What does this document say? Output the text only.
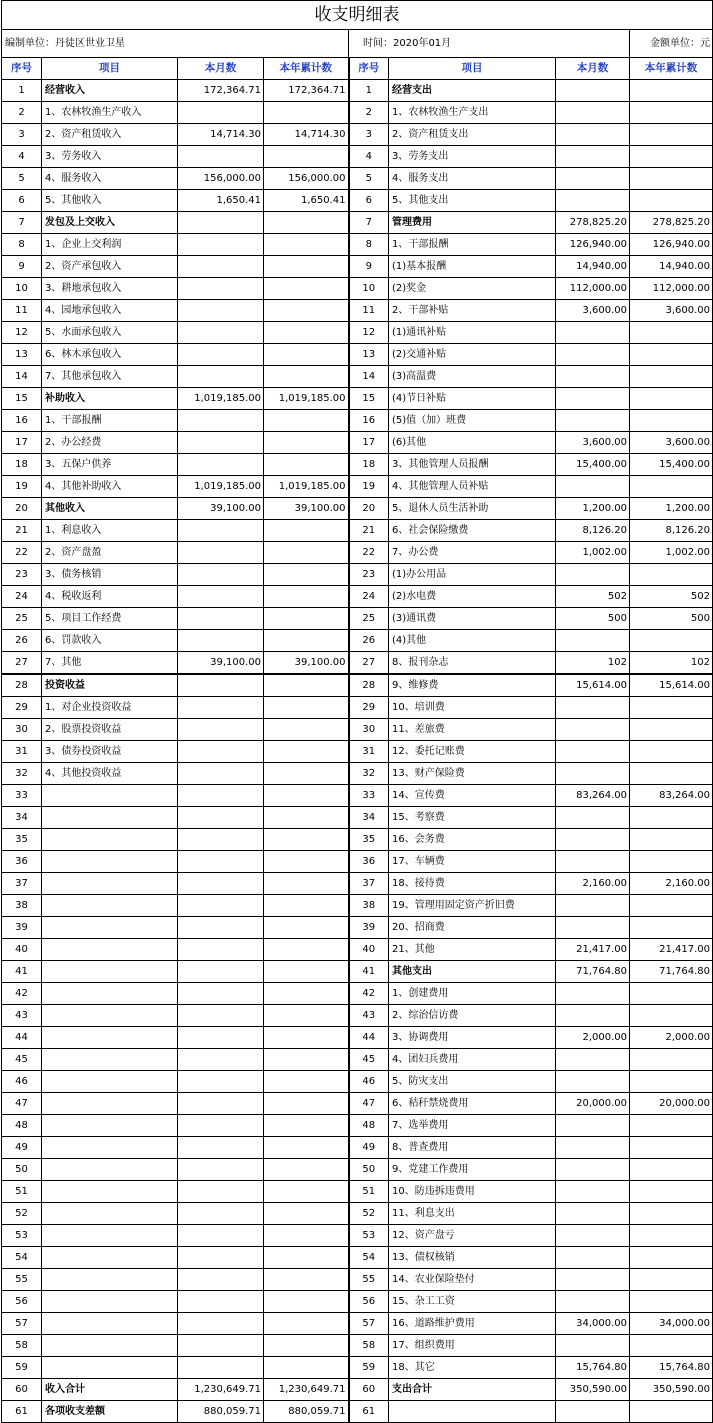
收支明细表							
编制单位：丹徒区世业卫星				时间：2020年01月			金额单位：元
序号	项目	本月数	本年累计数	序号	项目	本月数	本年累计数
1	经营收入	172,364.71	172,364.71	1	经营支出		
2	1、农林牧渔生产收入			2	1、农林牧渔生产支出		
3	2、资产租赁收入	14,714.30	14,714.30	3	2、资产租赁支出		
4	3、劳务收入			4	3、劳务支出		
5	4、服务收入	156,000.00	156,000.00	5	4、服务支出		
6	5、其他收入	1,650.41	1,650.41	6	5、其他支出		
7	发包及上交收入			7	管理费用	278,825.20	278,825.20
8	1、企业上交利润			8	1、干部报酬	126,940.00	126,940.00
9	2、资产承包收入			9	(1)基本报酬	14,940.00	14,940.00
10	3、耕地承包收入			10	(2)奖金	112,000.00	112,000.00
11	4、园地承包收入			11	2、干部补贴	3,600.00	3,600.00
12	5、水面承包收入			12	(1)通讯补贴		
13	6、林木承包收入			13	(2)交通补贴		
14	7、其他承包收入			14	(3)高温费		
15	补助收入	1,019,185.00	1,019,185.00	15	(4)节日补贴		
16	1、干部报酬			16	(5)值（加）班费		
17	2、办公经费			17	(6)其他	3,600.00	3,600.00
18	3、五保户供养			18	3、其他管理人员报酬	15,400.00	15,400.00
19	4、其他补助收入	1,019,185.00	1,019,185.00	19	4、其他管理人员补贴		
20	其他收入	39,100.00	39,100.00	20	5、退休人员生活补助	1,200.00	1,200.00
21	1、利息收入			21	6、社会保险缴费	8,126.20	8,126.20
22	2、资产盘盈			22	7、办公费	1,002.00	1,002.00
23	3、债务核销			23	(1)办公用品		
24	4、税收返利			24	(2)水电费	502	502
25	5、项目工作经费			25	(3)通讯费	500	500
26	6、罚款收入			26	(4)其他		
27	7、其他	39,100.00	39,100.00	27	8、报刊杂志	102	102
28	投资收益			28	9、维修费	15,614.00	15,614.00
29	1、对企业投资收益			29	10、培训费		
30	2、股票投资收益			30	11、差旅费		
31	3、债券投资收益			31	12、委托记账费		
32	4、其他投资收益			32	13、财产保险费		
33				33	14、宣传费	83,264.00	83,264.00
34				34	15、考察费		
35				35	16、会务费		
36				36	17、车辆费		
37				37	18、接待费	2,160.00	2,160.00
38				38	19、管理用固定资产折旧费		
39				39	20、招商费		
40				40	21、其他	21,417.00	21,417.00
41				41	其他支出	71,764.80	71,764.80
42				42	1、创建费用		
43				43	2、综治信访费		
44				44	3、协调费用	2,000.00	2,000.00
45				45	4、团妇兵费用		
46				46	5、防灾支出		
47				47	6、秸秆禁烧费用	20,000.00	20,000.00
48				48	7、选举费用		
49				49	8、普查费用		
50				50	9、党建工作费用		
51				51	10、防违拆违费用		
52				52	11、利息支出		
53				53	12、资产盘亏		
54				54	13、债权核销		
55				55	14、农业保险垫付		
56				56	15、杂工工资		
57				57	16、道路维护费用	34,000.00	34,000.00
58				58	17、组织费用		
59				59	18、其它	15,764.80	15,764.80
60	收入合计	1,230,649.71	1,230,649.71	60	支出合计	350,590.00	350,590.00
61	各项收支差额	880,059.71	880,059.71	61			
